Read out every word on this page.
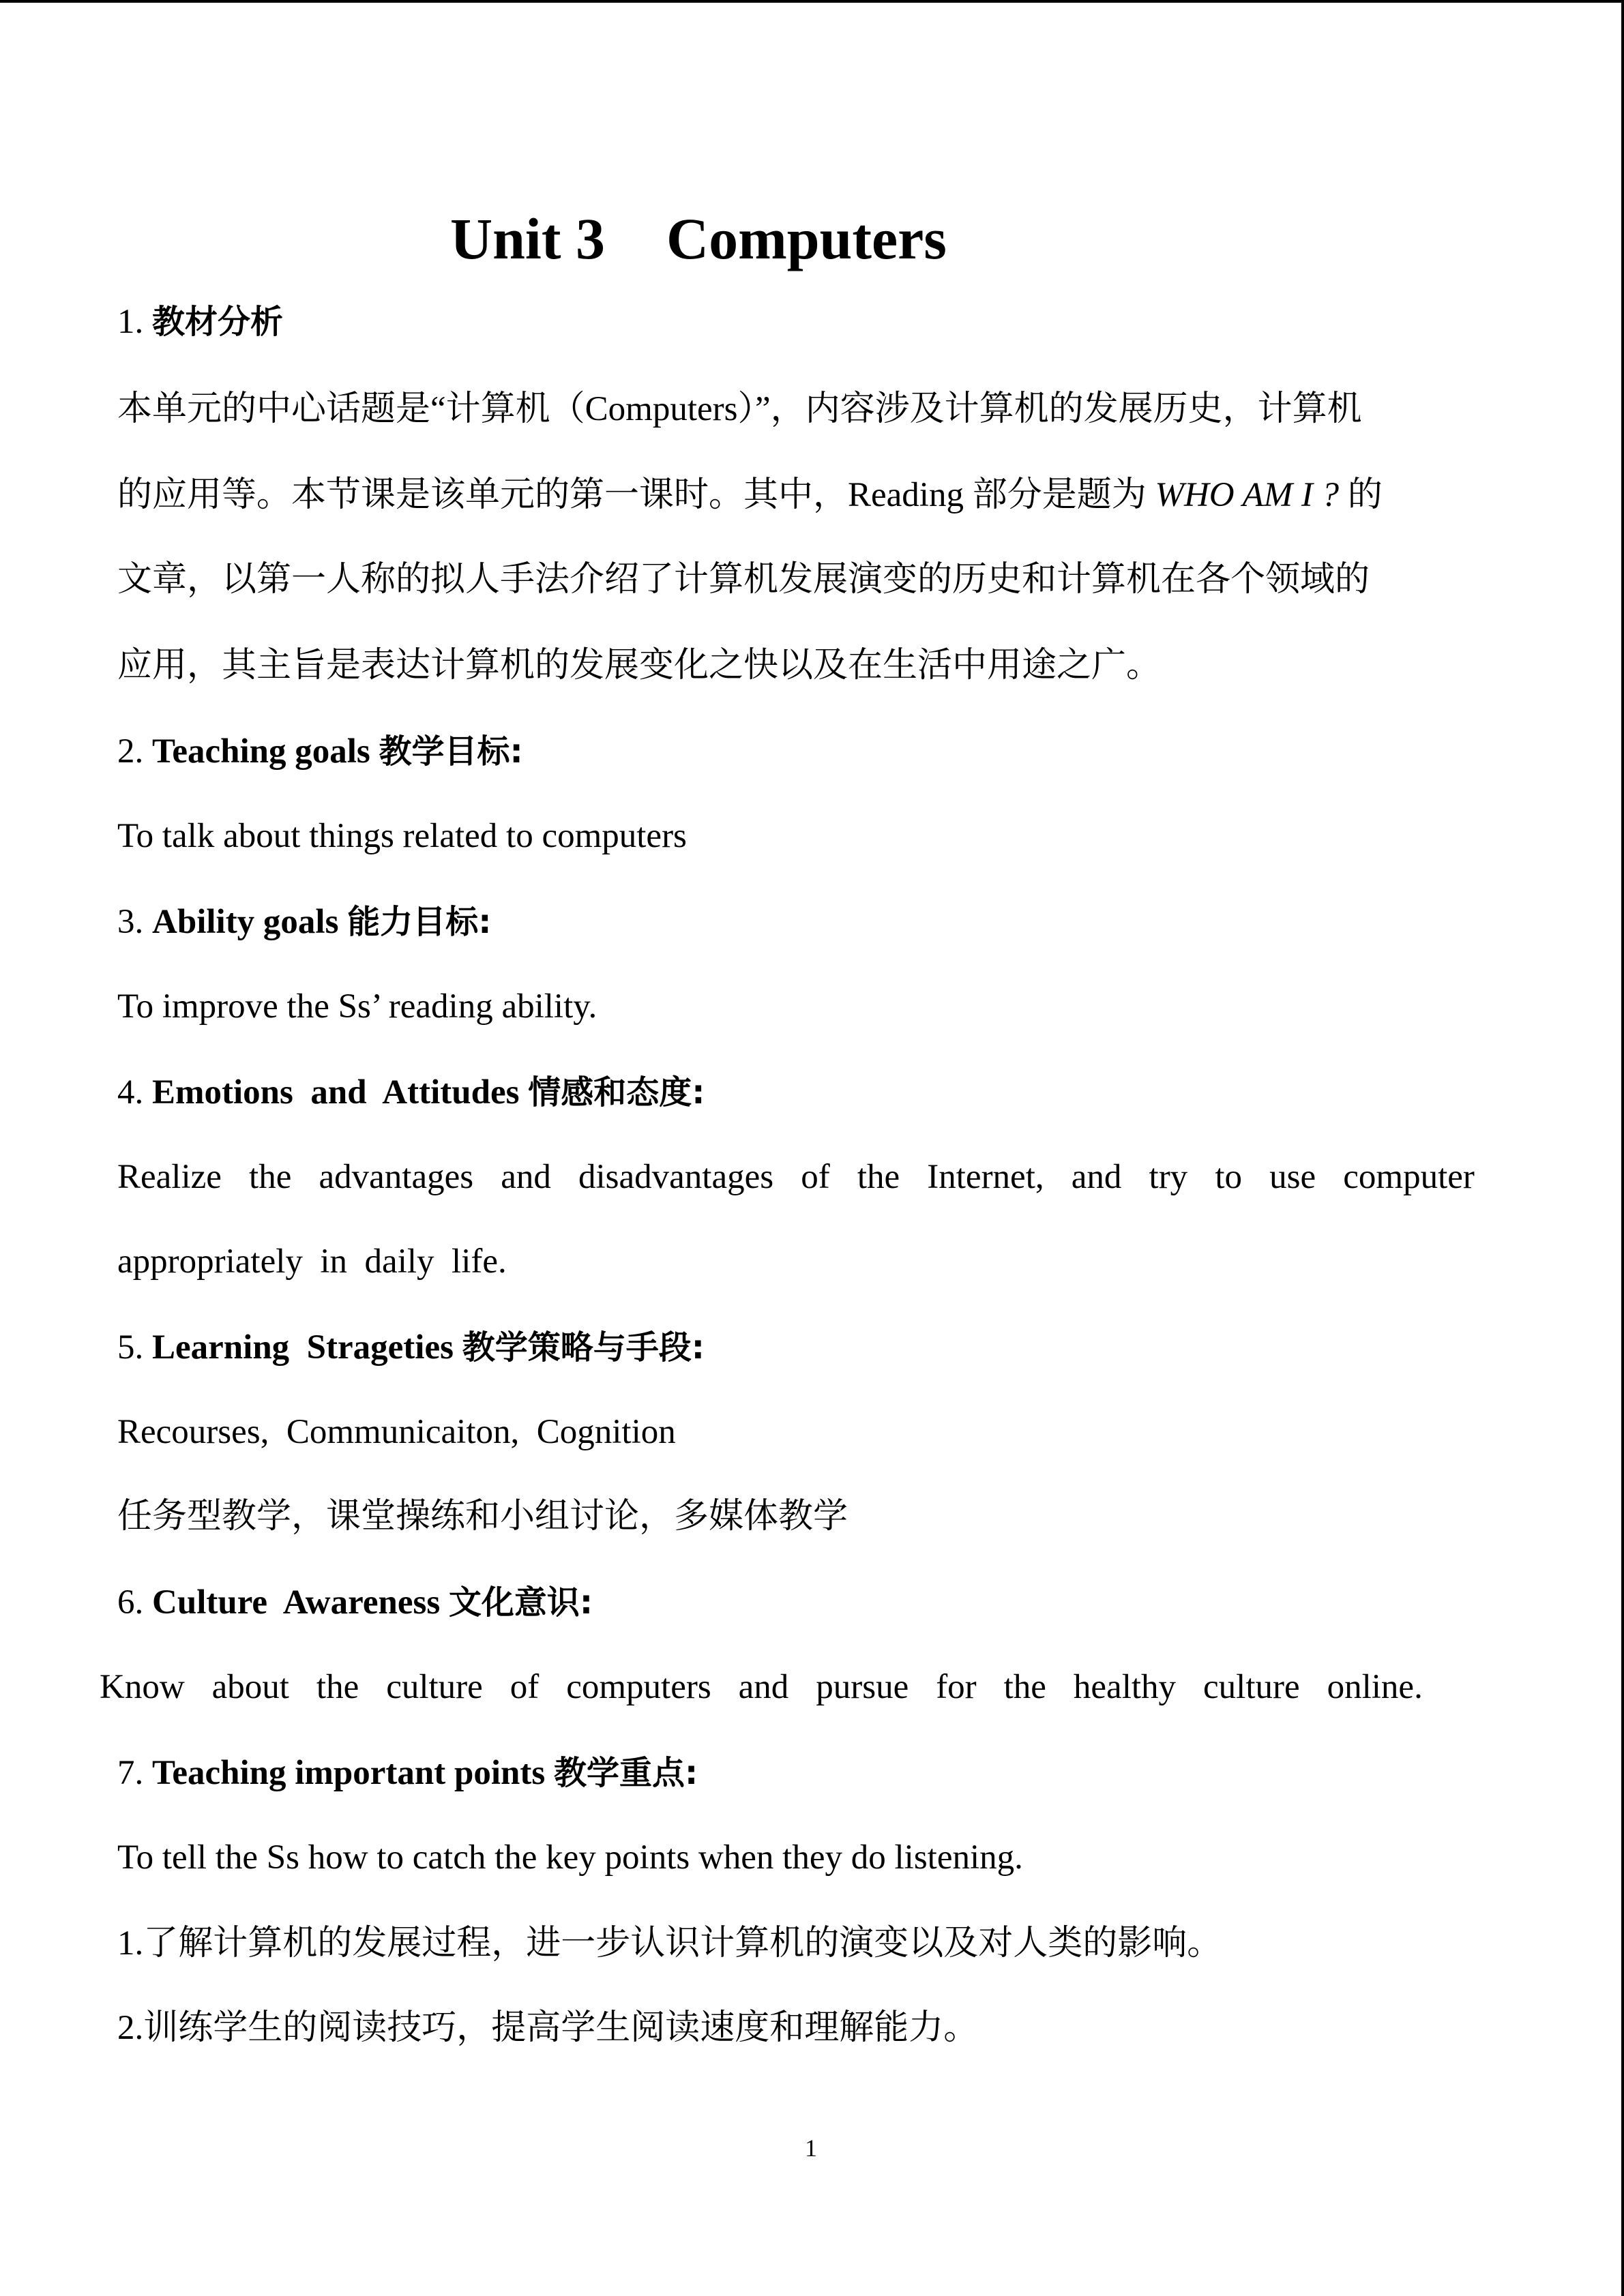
Unit 3 Computers
1. 教材分析
本单元的中心话题是“计算机（Computers）”，内容涉及计算机的发展历史，计算机
的应用等。本节课是该单元的第一课时。其中，Reading 部分是题为 WHO AM I ? 的
文章，以第一人称的拟人手法介绍了计算机发展演变的历史和计算机在各个领域的
应用，其主旨是表达计算机的发展变化之快以及在生活中用途之广。
2. Teaching goals 教学目标:
To talk about things related to computers
3. Ability goals 能力目标:
To improve the Ss’ reading ability.
4. Emotions  and  Attitudes 情感和态度:
Realize the advantages and disadvantages of the Internet, and try to use computer
appropriately  in  daily  life.
5. Learning  Strageties 教学策略与手段:
Recourses,  Communicaiton,  Cognition
任务型教学，课堂操练和小组讨论，多媒体教学
6. Culture  Awareness 文化意识:
Know about the culture of computers and pursue for the healthy culture online.
7. Teaching important points 教学重点:
To tell the Ss how to catch the key points when they do listening.
1.了解计算机的发展过程，进一步认识计算机的演变以及对人类的影响。
2.训练学生的阅读技巧，提高学生阅读速度和理解能力。
1
